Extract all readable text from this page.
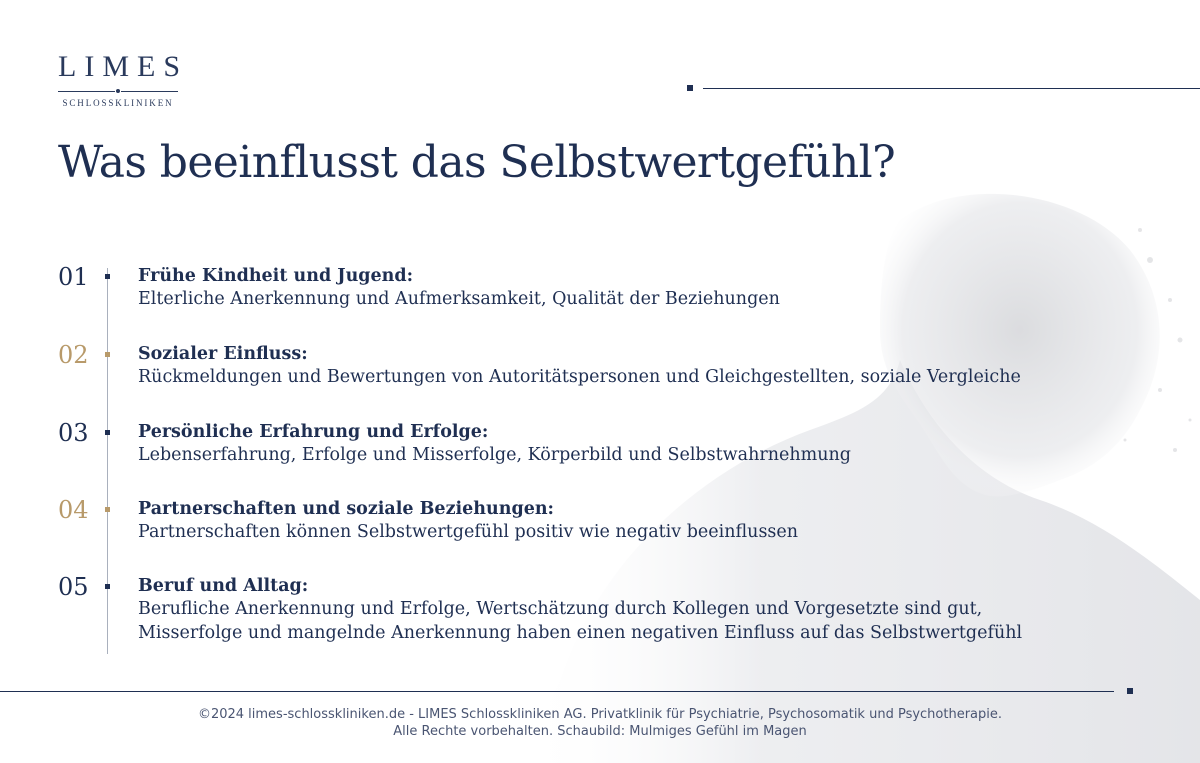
LIMES
SCHLOSSKLINIKEN
Was beeinflusst das Selbstwertgefühl?
01	Frühe Kindheit und Jugend:
Elterliche Anerkennung und Aufmerksamkeit, Qualität der Beziehungen
02	Sozialer Einfluss:
Rückmeldungen und Bewertungen von Autoritätspersonen und Gleichgestellten, soziale Vergleiche
03	Persönliche Erfahrung und Erfolge:
Lebenserfahrung, Erfolge und Misserfolge, Körperbild und Selbstwahrnehmung
04	Partnerschaften und soziale Beziehungen:
Partnerschaften können Selbstwertgefühl positiv wie negativ beeinflussen
05	Beruf und Alltag:
Berufliche Anerkennung und Erfolge, Wertschätzung durch Kollegen und Vorgesetzte sind gut,
Misserfolge und mangelnde Anerkennung haben einen negativen Einfluss auf das Selbstwertgefühl
©2024 limes-schlosskliniken.de - LIMES Schlosskliniken AG. Privatklinik für Psychiatrie, Psychosomatik und Psychotherapie.
Alle Rechte vorbehalten. Schaubild: Mulmiges Gefühl im Magen
